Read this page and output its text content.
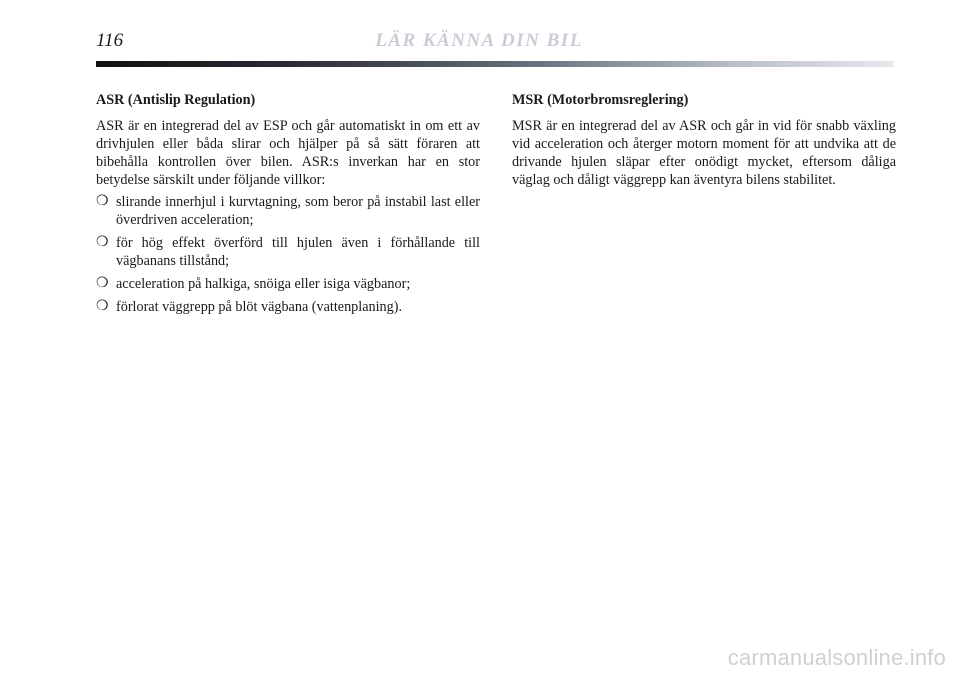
116	LÄR KÄNNA DIN BIL

ASR (Antislip Regulation)

ASR är en integrerad del av ESP och går automatiskt in om ett av drivhjulen eller båda slirar och hjälper på så sätt föraren att bibehålla kontrollen över bilen. ASR:s inverkan har en stor betydelse särskilt under följande villkor:

❍ slirande innerhjul i kurvtagning, som beror på instabil last eller överdriven acceleration;
❍ för hög effekt överförd till hjulen även i förhållande till vägbanans tillstånd;
❍ acceleration på halkiga, snöiga eller isiga vägbanor;
❍ förlorat väggrepp på blöt vägbana (vattenplaning).

MSR (Motorbromsreglering)

MSR är en integrerad del av ASR och går in vid för snabb växling vid acceleration och återger motorn moment för att undvika att de drivande hjulen släpar efter onödigt mycket, eftersom dåliga väglag och dåligt väggrepp kan äventyra bilens stabilitet.

carmanualsonline.info
